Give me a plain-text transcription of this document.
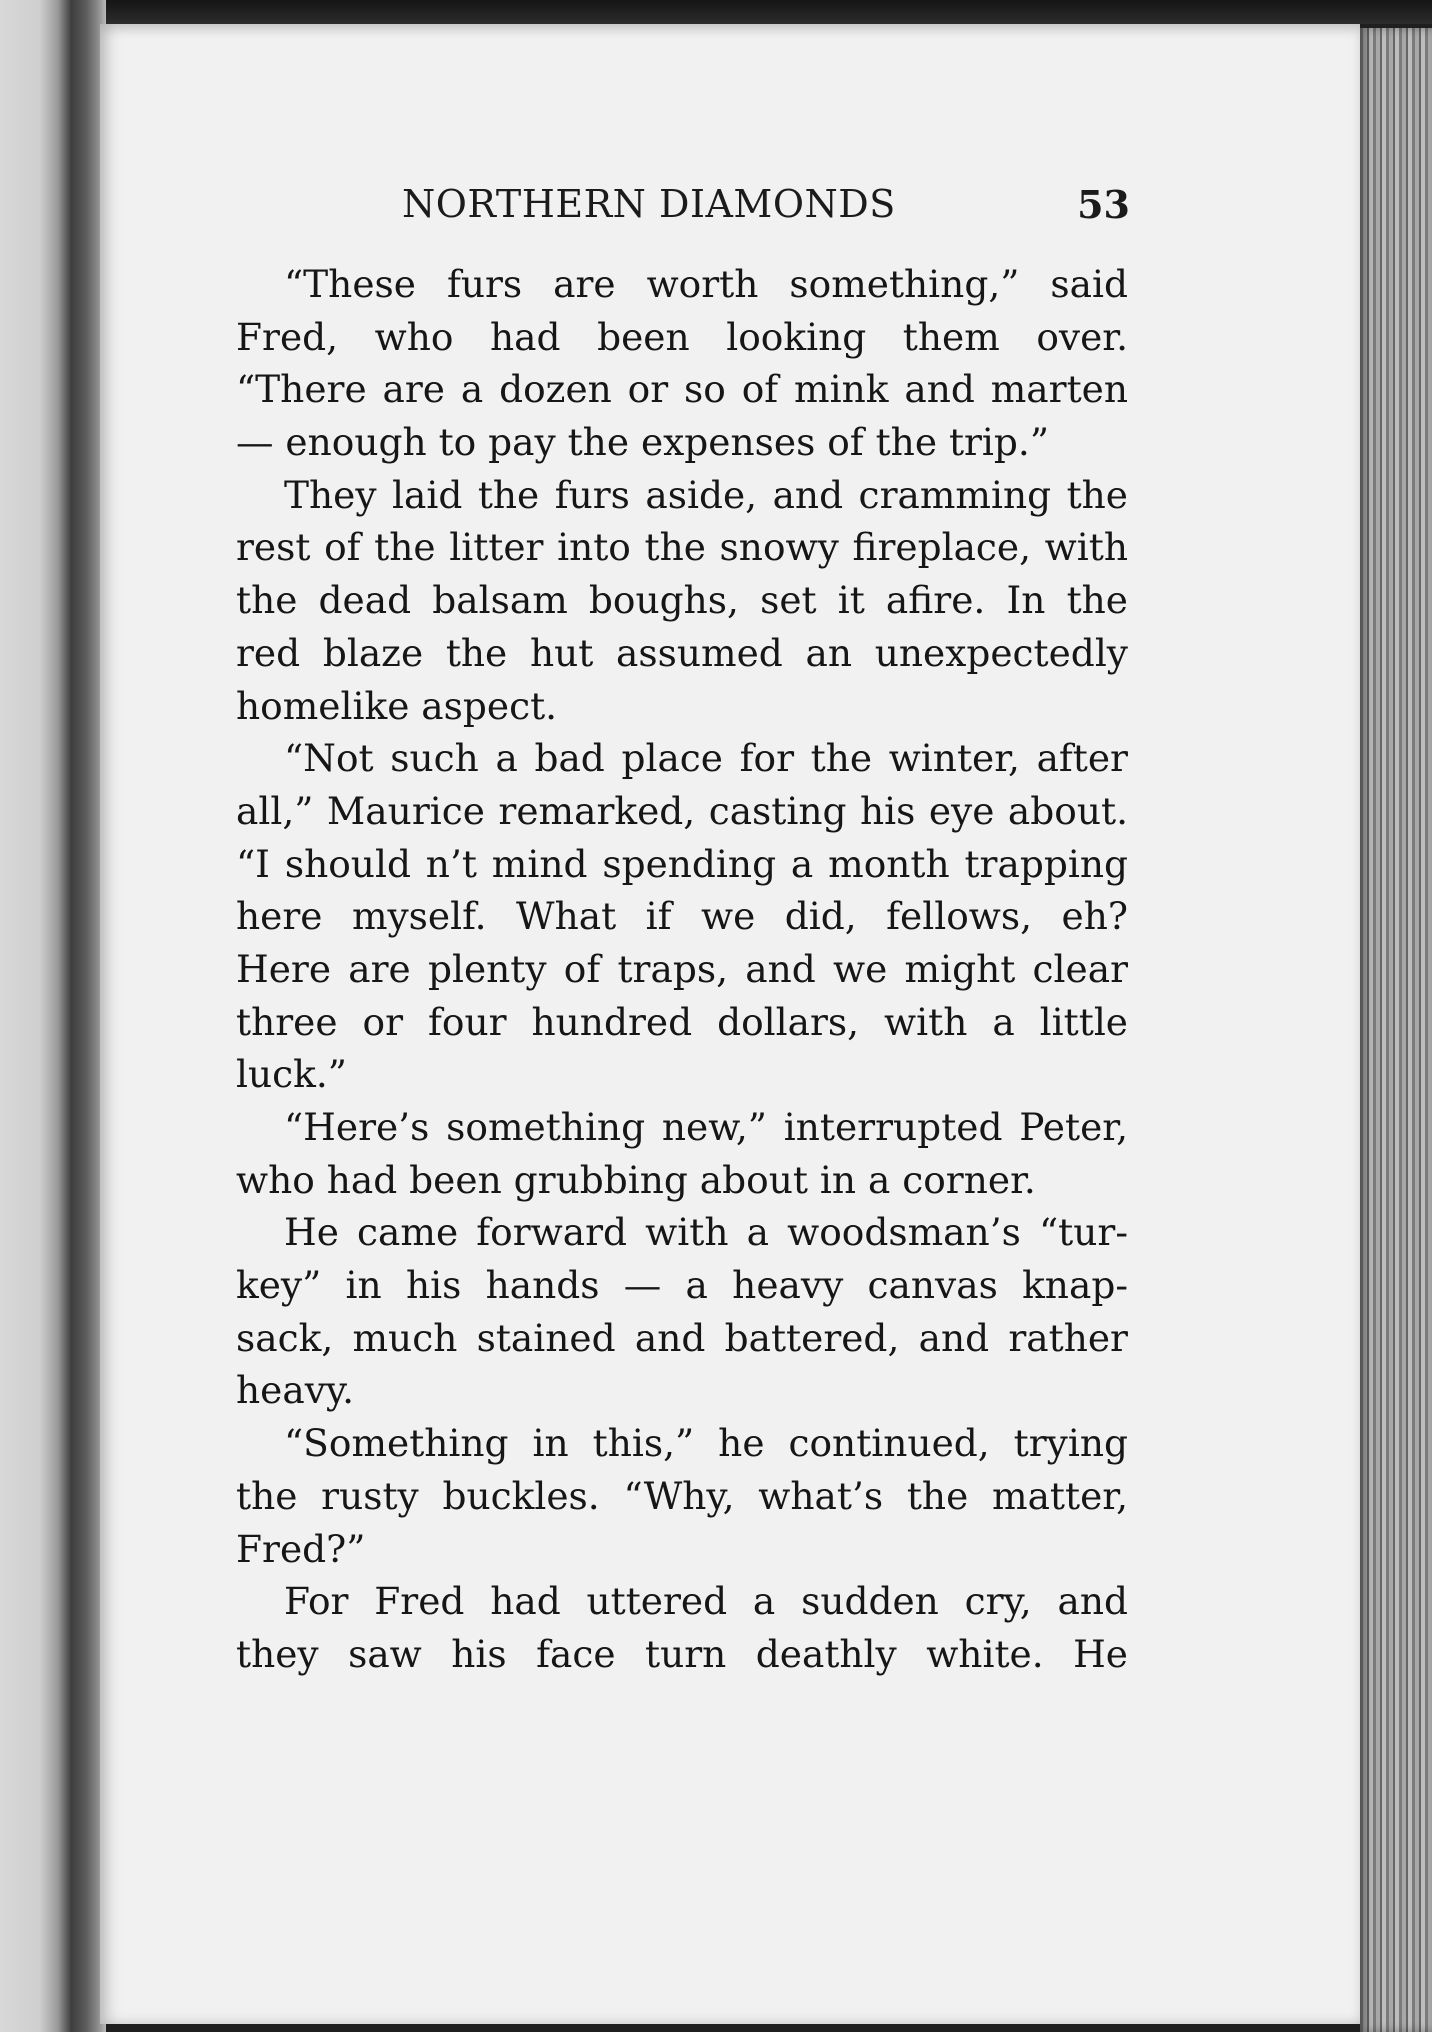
NORTHERN DIAMONDS	53
“These furs are worth something,” said
Fred, who had been looking them over.
“There are a dozen or so of mink and marten
— enough to pay the expenses of the trip.”
They laid the furs aside, and cramming the
rest of the litter into the snowy fireplace, with
the dead balsam boughs, set it afire. In the
red blaze the hut assumed an unexpectedly
homelike aspect.
“Not such a bad place for the winter, after
all,” Maurice remarked, casting his eye about.
“I should n’t mind spending a month trapping
here myself. What if we did, fellows, eh?
Here are plenty of traps, and we might clear
three or four hundred dollars, with a little
luck.”
“Here’s something new,” interrupted Peter,
who had been grubbing about in a corner.
He came forward with a woodsman’s “tur-
key” in his hands — a heavy canvas knap-
sack, much stained and battered, and rather
heavy.
“Something in this,” he continued, trying
the rusty buckles. “Why, what’s the matter,
Fred?”
For Fred had uttered a sudden cry, and
they saw his face turn deathly white. He
